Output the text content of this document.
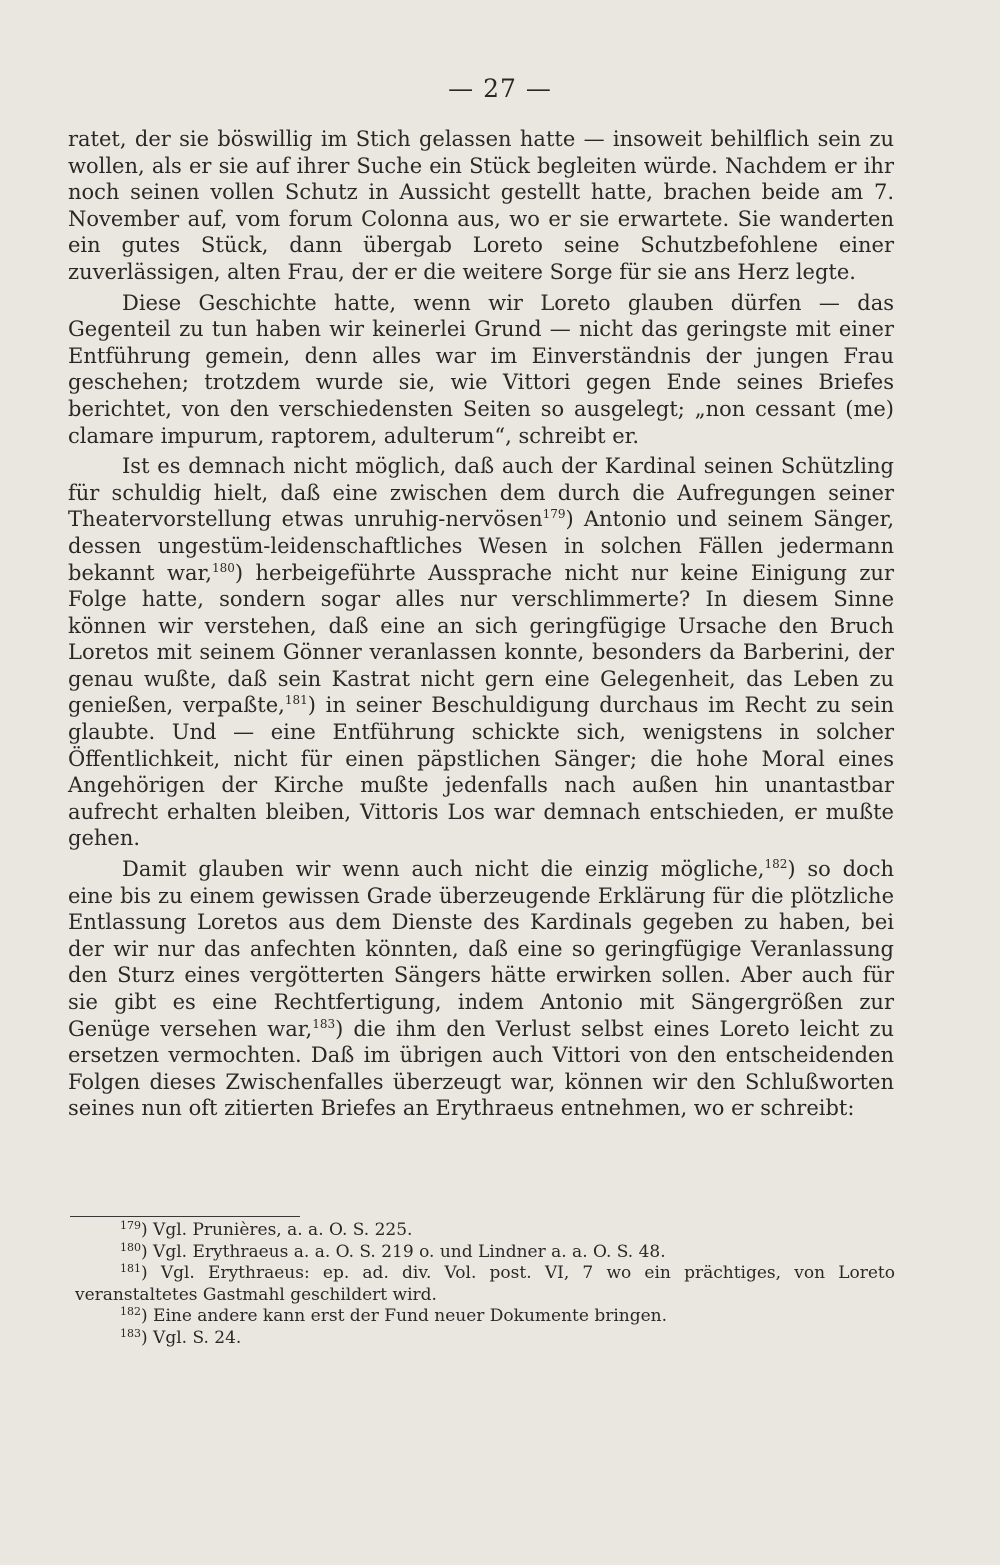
— 27 —

ratet, der sie böswillig im Stich gelassen hatte — insoweit behilflich sein zu wollen, als er sie auf ihrer Suche ein Stück begleiten würde. Nachdem er ihr noch seinen vollen Schutz in Aussicht gestellt hatte, brachen beide am 7. November auf, vom forum Colonna aus, wo er sie erwartete. Sie wanderten ein gutes Stück, dann übergab Loreto seine Schutzbefohlene einer zuverlässigen, alten Frau, der er die weitere Sorge für sie ans Herz legte.

Diese Geschichte hatte, wenn wir Loreto glauben dürfen — das Gegenteil zu tun haben wir keinerlei Grund — nicht das geringste mit einer Entführung gemein, denn alles war im Einverständnis der jungen Frau geschehen; trotzdem wurde sie, wie Vittori gegen Ende seines Briefes berichtet, von den verschiedensten Seiten so ausgelegt; „non cessant (me) clamare impurum, raptorem, adulterum“, schreibt er.

Ist es demnach nicht möglich, daß auch der Kardinal seinen Schützling für schuldig hielt, daß eine zwischen dem durch die Aufregungen seiner Theatervorstellung etwas unruhig-nervösen$^{179}$) Antonio und seinem Sänger, dessen ungestüm-leidenschaftliches Wesen in solchen Fällen jedermann bekannt war,$^{180}$) herbeigeführte Aussprache nicht nur keine Einigung zur Folge hatte, sondern sogar alles nur verschlimmerte? In diesem Sinne können wir verstehen, daß eine an sich geringfügige Ursache den Bruch Loretos mit seinem Gönner veranlassen konnte, besonders da Barberini, der genau wußte, daß sein Kastrat nicht gern eine Gelegenheit, das Leben zu genießen, verpaßte,$^{181}$) in seiner Beschuldigung durchaus im Recht zu sein glaubte. Und — eine Entführung schickte sich, wenigstens in solcher Öffentlichkeit, nicht für einen päpstlichen Sänger; die hohe Moral eines Angehörigen der Kirche mußte jedenfalls nach außen hin unantastbar aufrecht erhalten bleiben, Vittoris Los war demnach entschieden, er mußte gehen.

Damit glauben wir wenn auch nicht die einzig mögliche,$^{182}$) so doch eine bis zu einem gewissen Grade überzeugende Erklärung für die plötzliche Entlassung Loretos aus dem Dienste des Kardinals gegeben zu haben, bei der wir nur das anfechten könnten, daß eine so geringfügige Veranlassung den Sturz eines vergötterten Sängers hätte erwirken sollen. Aber auch für sie gibt es eine Rechtfertigung, indem Antonio mit Sängergrößen zur Genüge versehen war,$^{183}$) die ihm den Verlust selbst eines Loreto leicht zu ersetzen vermochten. Daß im übrigen auch Vittori von den entscheidenden Folgen dieses Zwischenfalles überzeugt war, können wir den Schlußworten seines nun oft zitierten Briefes an Erythraeus entnehmen, wo er schreibt:

$^{179}$) Vgl. Prunières, a. a. O. S. 225.

$^{180}$) Vgl. Erythraeus a. a. O. S. 219 o. und Lindner a. a. O. S. 48.

$^{181}$) Vgl. Erythraeus: ep. ad. div. Vol. post. VI, 7 wo ein prächtiges, von Loreto veranstaltetes Gastmahl geschildert wird.

$^{182}$) Eine andere kann erst der Fund neuer Dokumente bringen.

$^{183}$) Vgl. S. 24.
